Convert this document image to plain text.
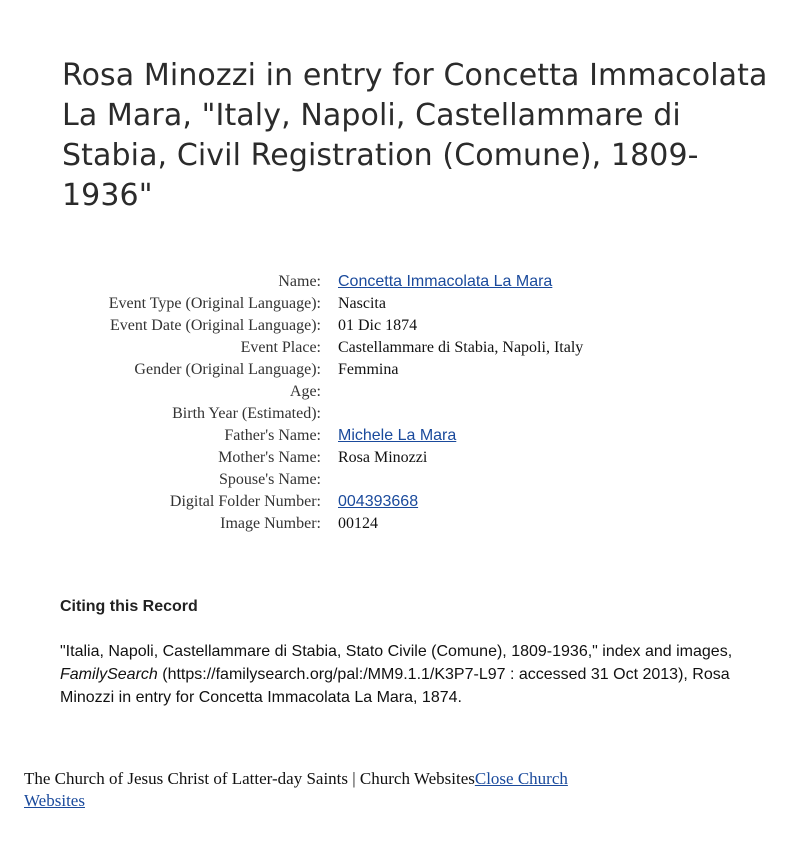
Rosa Minozzi in entry for Concetta Immacolata La Mara, "Italy, Napoli, Castellammare di Stabia, Civil Registration (Comune), 1809-1936"
Name: Concetta Immacolata La Mara
Event Type (Original Language): Nascita
Event Date (Original Language): 01 Dic 1874
Event Place: Castellammare di Stabia, Napoli, Italy
Gender (Original Language): Femmina
Age:
Birth Year (Estimated):
Father's Name: Michele La Mara
Mother's Name: Rosa Minozzi
Spouse's Name:
Digital Folder Number: 004393668
Image Number: 00124
Citing this Record

"Italia, Napoli, Castellammare di Stabia, Stato Civile (Comune), 1809-1936," index and images, FamilySearch (https://familysearch.org/pal:/MM9.1.1/K3P7-L97 : accessed 31 Oct 2013), Rosa Minozzi in entry for Concetta Immacolata La Mara, 1874.

The Church of Jesus Christ of Latter-day Saints | Church WebsitesClose Church Websites
